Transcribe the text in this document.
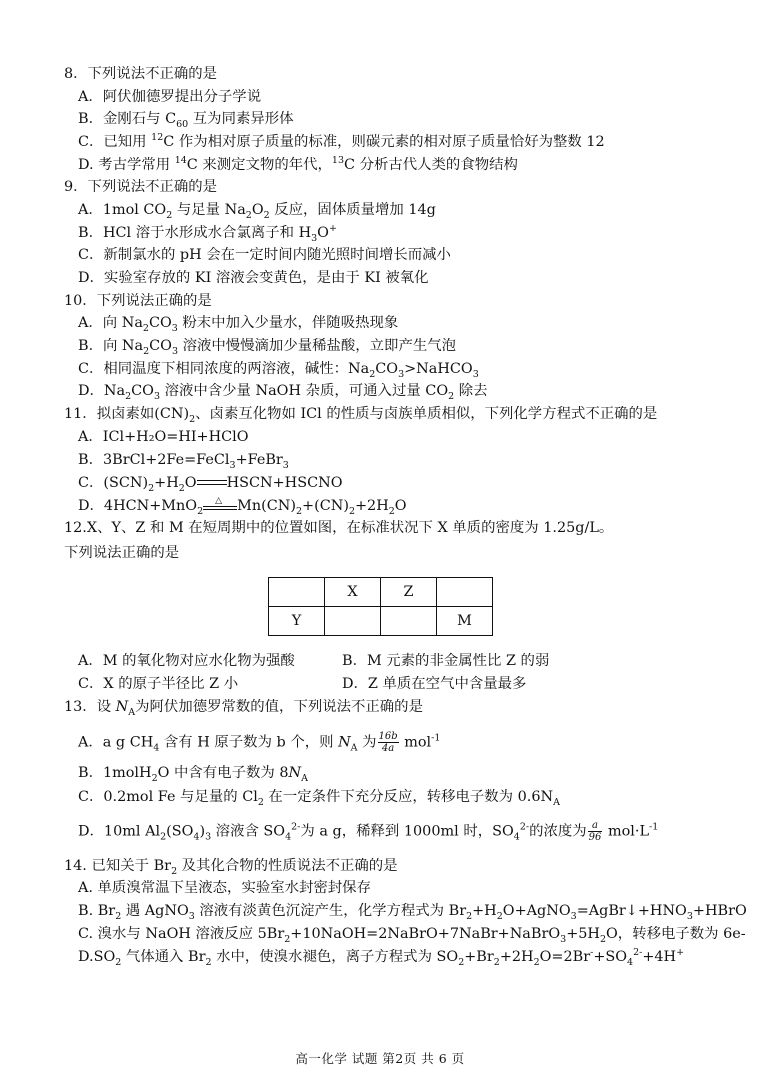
8．下列说法不正确的是
A．阿伏伽德罗提出分子学说
B．金刚石与 $C_{60}$ 互为同素异形体
C．已知用 $^{12}$C 作为相对原子质量的标准，则碳元素的相对原子质量恰好为整数 12
D. 考古学常用 $^{14}$C 来测定文物的年代，$^{13}$C 分析古代人类的食物结构
9．下列说法不正确的是
A．1mol $CO_2$ 与足量 $Na_2O_2$ 反应，固体质量增加 14g
B．HCl 溶于水形成水合氯离子和 $H_3O^+$
C．新制氯水的 pH 会在一定时间内随光照时间增长而减小
D．实验室存放的 KI 溶液会变黄色，是由于 KI 被氧化
10．下列说法正确的是
A．向 $Na_2CO_3$ 粉末中加入少量水，伴随吸热现象
B．向 $Na_2CO_3$ 溶液中慢慢滴加少量稀盐酸，立即产生气泡
C．相同温度下相同浓度的两溶液，碱性：$Na_2CO_3>NaHCO_3$
D．$Na_2CO_3$ 溶液中含少量 NaOH 杂质，可通入过量 $CO_2$ 除去
11．拟卤素如$(CN)_2$、卤素互化物如 ICl 的性质与卤族单质相似，下列化学方程式不正确的是
A．ICl+H₂O=HI+HClO
B．3BrCl+2Fe=FeCl$_3$+FeBr$_3$
C．$(SCN)_2+H_2O$ HSCN+HSCNO
D．4HCN+MnO$_2$
△ $Mn(CN)_2+(CN)_2+2H_2O$
12.X、Y、Z 和 M 在短周期中的位置如图，在标准状况下 X 单质的密度为 1.25g/L。
下列说法正确的是
	X	Z	
Y			M
A．M 的氧化物对应水化物为强酸	B．M 元素的非金属性比 Z 的弱
C．X 的原子半径比 Z 小	D．Z 单质在空气中含量最多
13．设 $N_A$为阿伏加德罗常数的值，下列说法不正确的是
A．a g $CH_4$ 含有 H 原子数为 b 个，则 $N_A$ 为 $\frac{16b}{4a} mol^{-1}$
B．1molH$_2$O 中含有电子数为 $8N_A$
C．0.2mol Fe 与足量的 $Cl_2$ 在一定条件下充分反应，转移电子数为 $0.6N_A$
D．10ml $Al_2(SO_4)_3$ 溶液含 $SO_4^{2-}$为 a g，稀释到 1000ml 时，$SO_4^{2-}$的浓度为 $\frac{a}{96} mol\cdot L^{-1}$
14. 已知关于 $Br_2$ 及其化合物的性质说法不正确的是
A. 单质溴常温下呈液态，实验室水封密封保存
B. $Br_2$ 遇 AgNO$_3$ 溶液有淡黄色沉淀产生，化学方程式为 $Br_2+H_2O+AgNO_3=AgBr↓+HNO_3+HBrO$
C. 溴水与 NaOH 溶液反应 $5Br_2+10NaOH=2NaBrO+7NaBr+NaBrO_3+5H_2O$，转移电子数为 6e-
$D.SO_2$ 气体通入 $Br_2$ 水中，使溴水褪色，离子方程式为 $SO_2+Br_2+2H_2O=2Br^-+SO_4^{2-}+4H^+$
高一化学 试题 第2页 共 6 页
